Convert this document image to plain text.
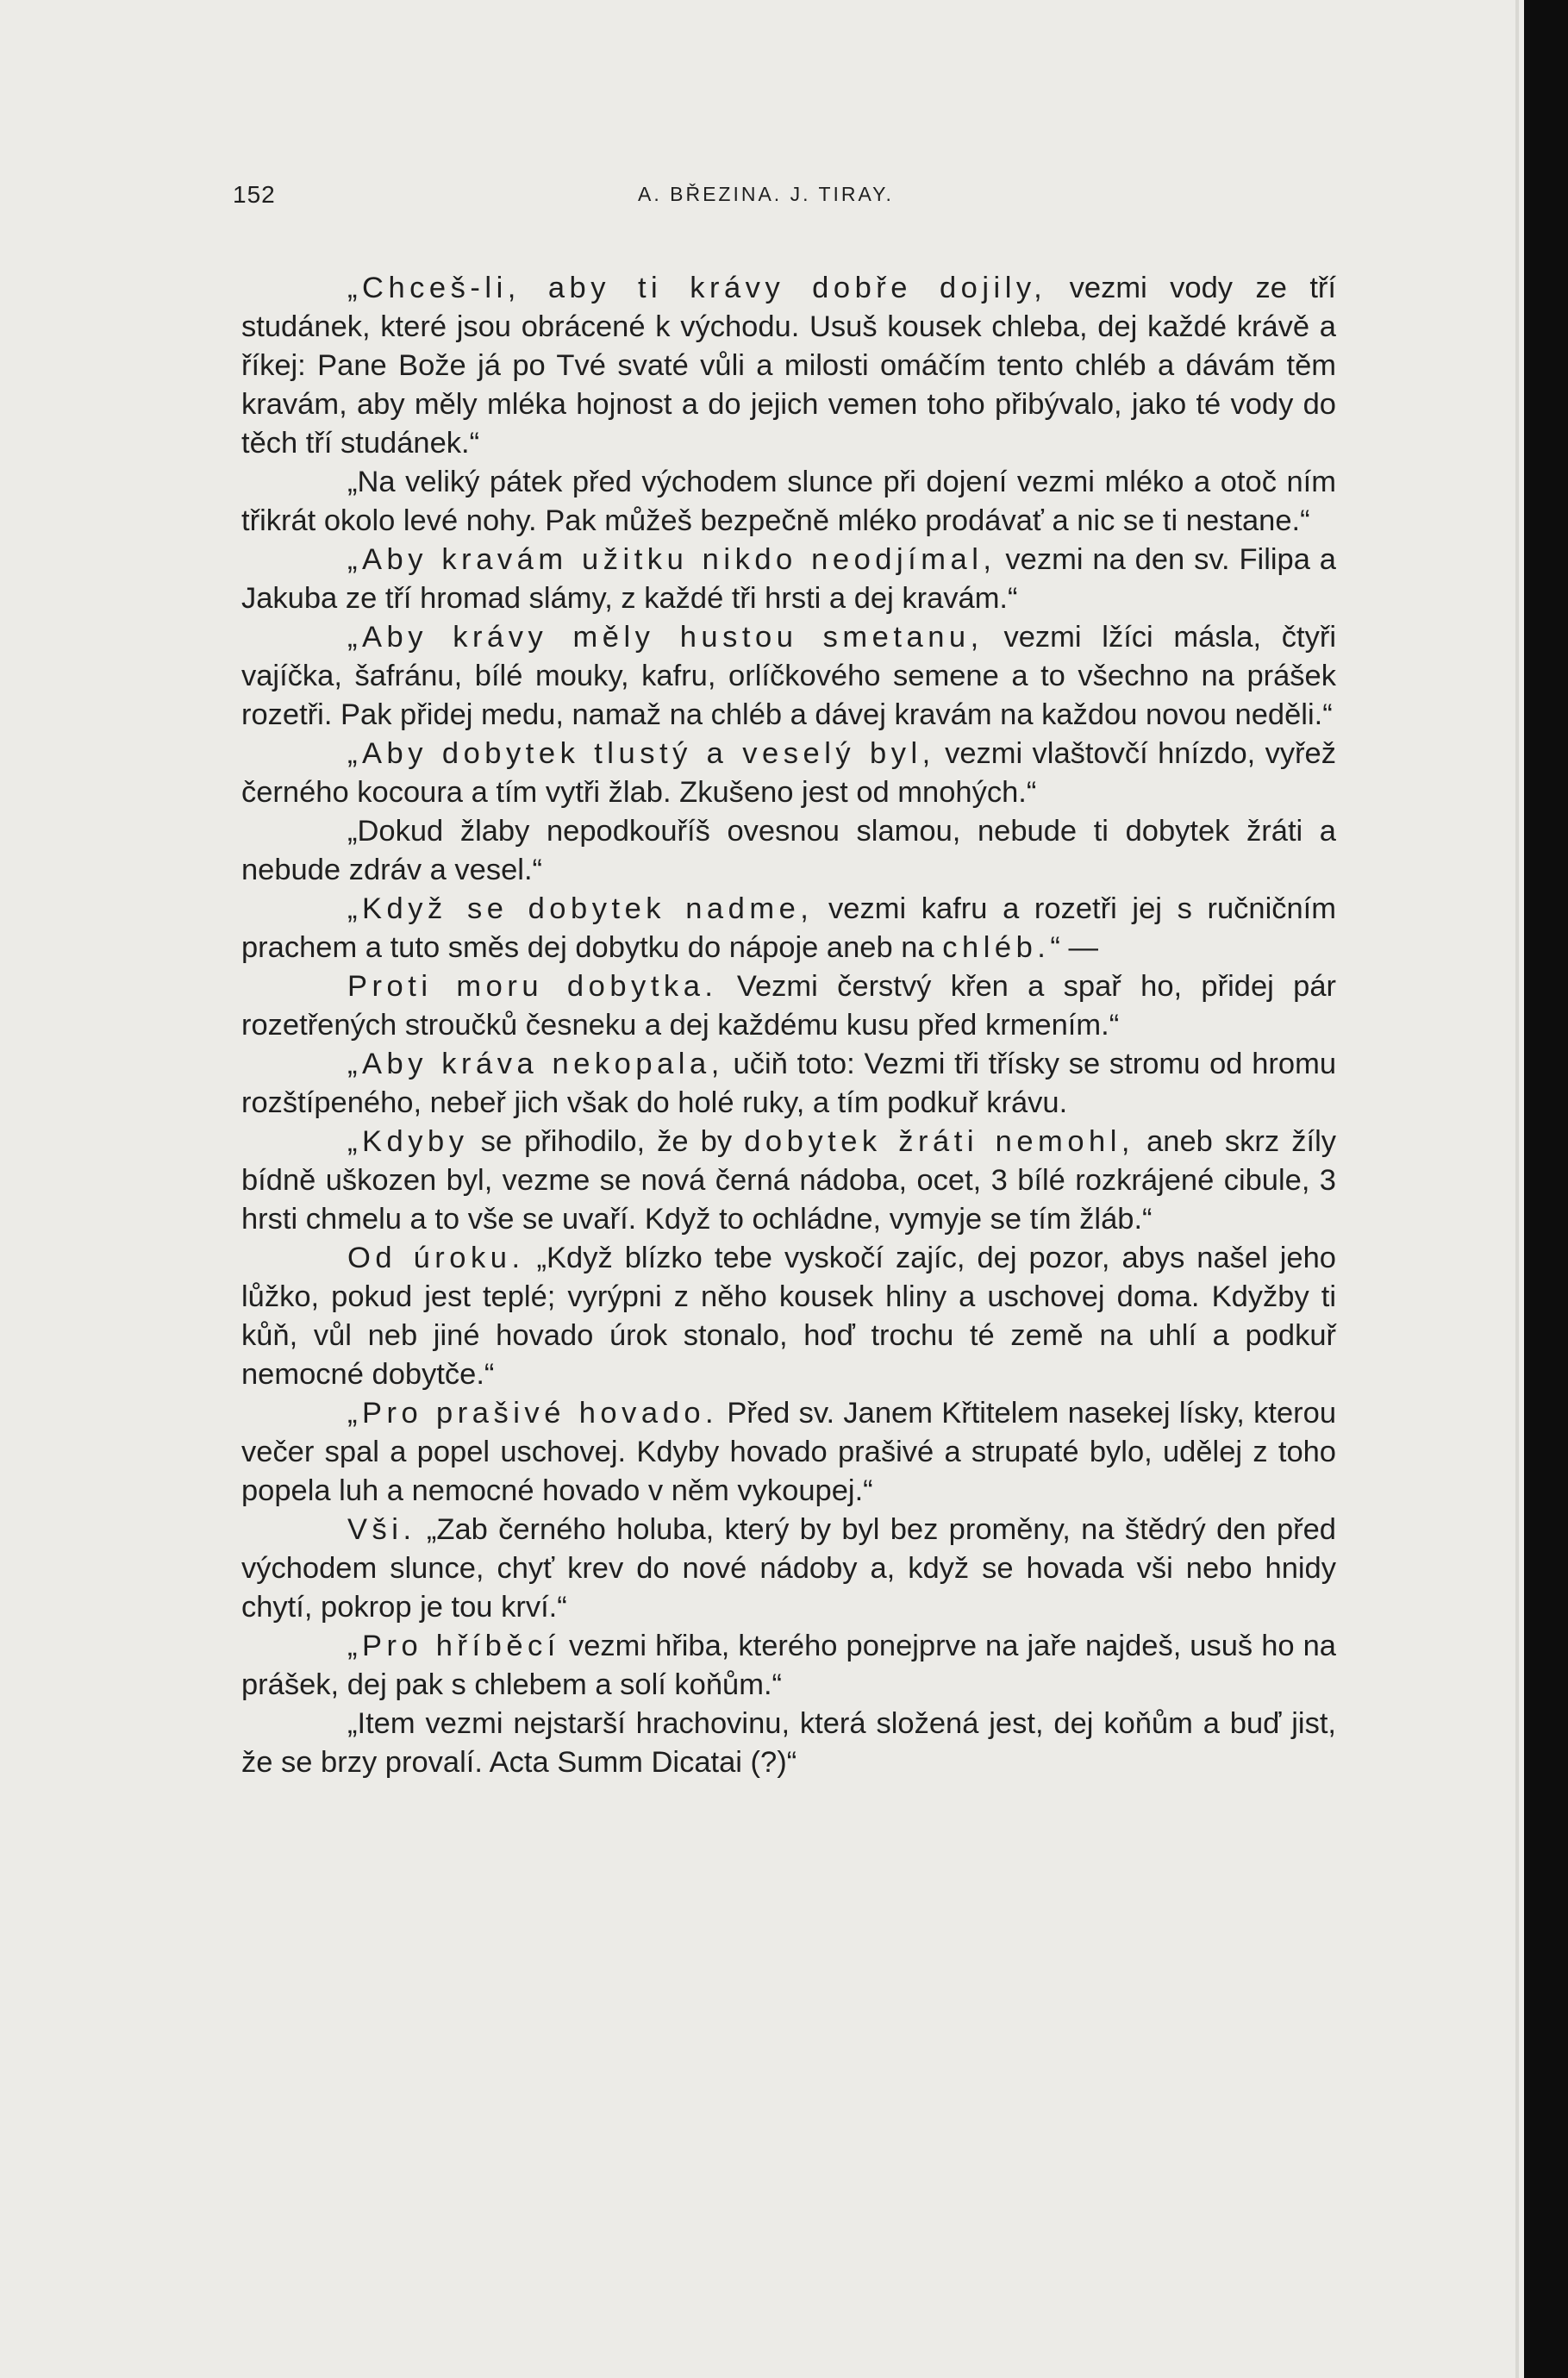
152	A. BŘEZINA. J. TIRAY.

„Chceš-li, aby ti krávy dobře dojily, vezmi vody ze tří studánek, které jsou obrácené k východu. Usuš kousek chleba, dej každé krávě a říkej: Pane Bože já po Tvé svaté vůli a milosti omáčím tento chléb a dávám těm kravám, aby měly mléka hojnost a do jejich vemen toho přibývalo, jako té vody do těch tří studánek.“

„Na veliký pátek před východem slunce při dojení vezmi mléko a otoč ním třikrát okolo levé nohy. Pak můžeš bezpečně mléko prodávať a nic se ti nestane.“

„Aby kravám užitku nikdo neodjímal, vezmi na den sv. Filipa a Jakuba ze tří hromad slámy, z každé tři hrsti a dej kravám.“

„Aby krávy měly hustou smetanu, vezmi lžíci másla, čtyři vajíčka, šafránu, bílé mouky, kafru, orlíčkového semene a to všechno na prášek rozetři. Pak přidej medu, namaž na chléb a dávej kravám na každou novou neděli.“

„Aby dobytek tlustý a veselý byl, vezmi vlaštovčí hnízdo, vyřež černého kocoura a tím vytři žlab. Zkušeno jest od mnohých.“

„Dokud žlaby nepodkouříš ovesnou slamou, nebude ti dobytek žráti a nebude zdráv a vesel.“

„Když se dobytek nadme, vezmi kafru a rozetři jej s ručničním prachem a tuto směs dej dobytku do nápoje aneb na chléb.“ —

Proti moru dobytka. Vezmi čerstvý křen a spař ho, přidej pár rozetřených stroučků česneku a dej každému kusu před krmením.“

„Aby kráva nekopala, učiň toto: Vezmi tři třísky se stromu od hromu rozštípeného, nebeř jich však do holé ruky, a tím podkuř krávu.

„Kdyby se přihodilo, že by dobytek žráti nemohl, aneb skrz žíly bídně uškozen byl, vezme se nová černá nádoba, ocet, 3 bílé rozkrájené cibule, 3 hrsti chmelu a to vše se uvaří. Když to ochládne, vymyje se tím žláb.“

Od úroku. „Když blízko tebe vyskočí zajíc, dej pozor, abys našel jeho lůžko, pokud jest teplé; vyrýpni z něho kousek hliny a uschovej doma. Kdyžby ti kůň, vůl neb jiné hovado úrok stonalo, hoď trochu té země na uhlí a podkuř nemocné dobytče.“

„Pro prašivé hovado. Před sv. Janem Křtitelem nasekej lísky, kterou večer spal a popel uschovej. Kdyby hovado prašivé a strupaté bylo, udělej z toho popela luh a nemocné hovado v něm vykoupej.“

Vši. „Zab černého holuba, který by byl bez proměny, na štědrý den před východem slunce, chyť krev do nové nádoby a, když se hovada vši nebo hnidy chytí, pokrop je tou krví.“

„Pro hříběcí vezmi hřiba, kterého ponejprve na jaře najdeš, usuš ho na prášek, dej pak s chlebem a solí koňům.“

„Item vezmi nejstarší hrachovinu, která složená jest, dej koňům a buď jist, že se brzy provalí. Acta Summ Dicatai (?)“
